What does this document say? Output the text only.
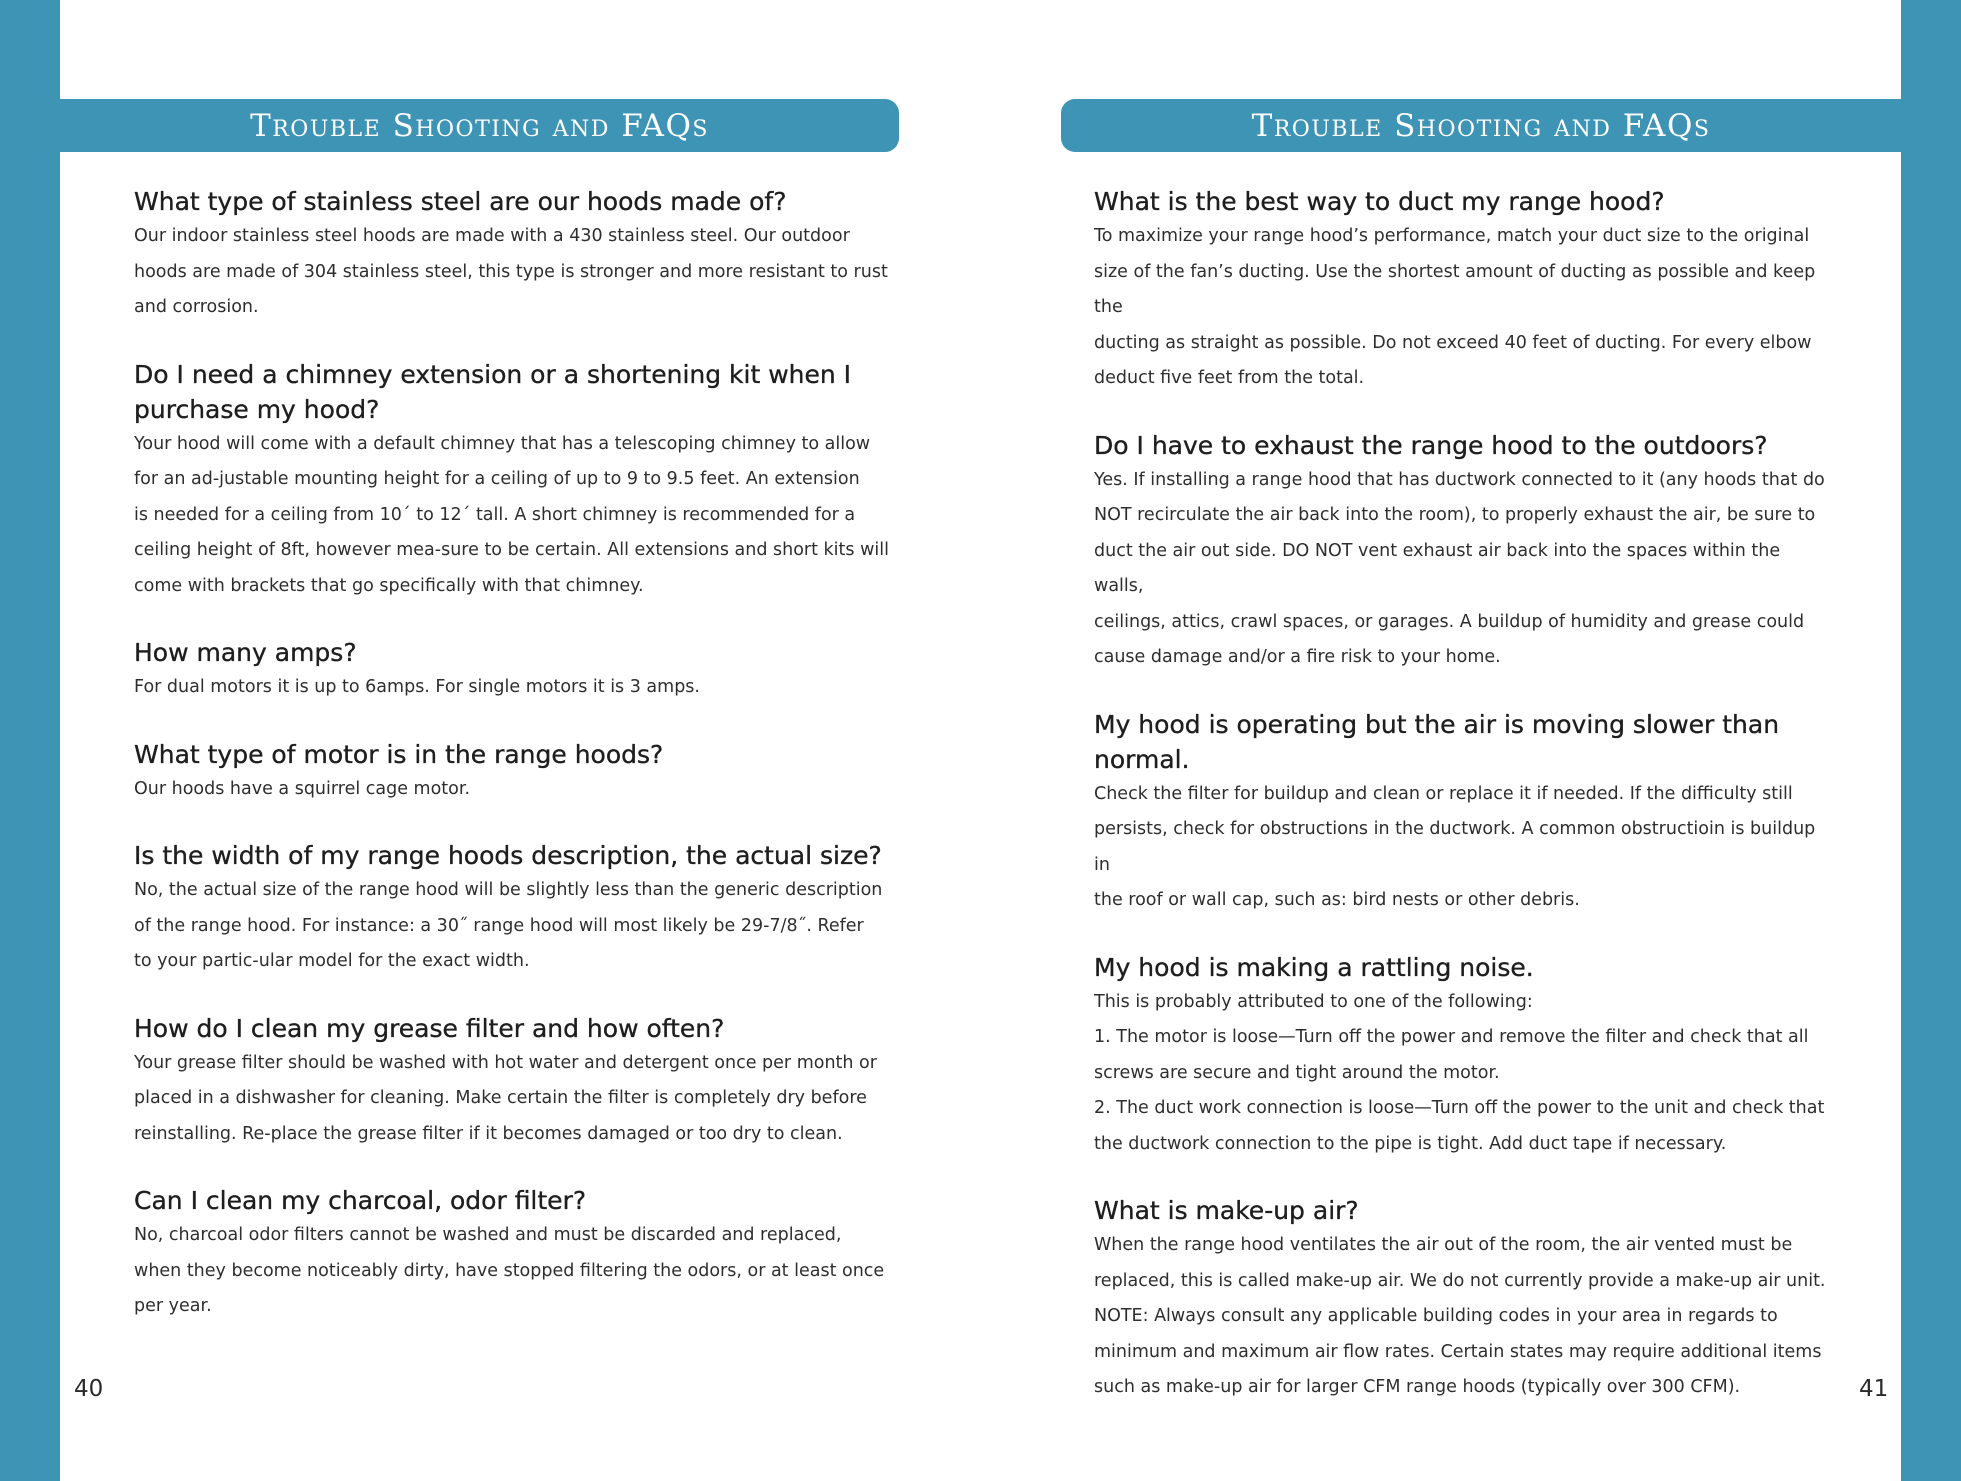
Trouble Shooting and FAQs

What type of stainless steel are our hoods made of?

Our indoor stainless steel hoods are made with a 430 stainless steel. Our outdoor
hoods are made of 304 stainless steel, this type is stronger and more resistant to rust
and corrosion.

Do I need a chimney extension or a shortening kit when I
purchase my hood?

Your hood will come with a default chimney that has a telescoping chimney to allow
for an ad-justable mounting height for a ceiling of up to 9 to 9.5 feet. An extension
is needed for a ceiling from 10´ to 12´ tall. A short chimney is recommended for a
ceiling height of 8ft, however mea-sure to be certain. All extensions and short kits will
come with brackets that go specifically with that chimney.

How many amps?

For dual motors it is up to 6amps. For single motors it is 3 amps.

What type of motor is in the range hoods?

Our hoods have a squirrel cage motor.

Is the width of my range hoods description, the actual size?

No, the actual size of the range hood will be slightly less than the generic description
of the range hood. For instance: a 30˝ range hood will most likely be 29-7/8˝. Refer
to your partic-ular model for the exact width.

How do I clean my grease filter and how often?

Your grease filter should be washed with hot water and detergent once per month or
placed in a dishwasher for cleaning. Make certain the filter is completely dry before
reinstalling. Re-place the grease filter if it becomes damaged or too dry to clean.

Can I clean my charcoal, odor filter?

No, charcoal odor filters cannot be washed and must be discarded and replaced,
when they become noticeably dirty, have stopped filtering the odors, or at least once
per year.

40
Trouble Shooting and FAQs

What is the best way to duct my range hood?

To maximize your range hood’s performance, match your duct size to the original
size of the fan’s ducting. Use the shortest amount of ducting as possible and keep the
ducting as straight as possible. Do not exceed 40 feet of ducting. For every elbow
deduct five feet from the total.

Do I have to exhaust the range hood to the outdoors?

Yes. If installing a range hood that has ductwork connected to it (any hoods that do
NOT recirculate the air back into the room), to properly exhaust the air, be sure to
duct the air out side. DO NOT vent exhaust air back into the spaces within the walls,
ceilings, attics, crawl spaces, or garages. A buildup of humidity and grease could
cause damage and/or a fire risk to your home.

My hood is operating but the air is moving slower than normal.

Check the filter for buildup and clean or replace it if needed. If the difficulty still
persists, check for obstructions in the ductwork. A common obstructioin is buildup in
the roof or wall cap, such as: bird nests or other debris.

My hood is making a rattling noise.

This is probably attributed to one of the following:
1. The motor is loose—Turn off the power and remove the filter and check that all
screws are secure and tight around the motor.
2. The duct work connection is loose—Turn off the power to the unit and check that
the ductwork connection to the pipe is tight. Add duct tape if necessary.

What is make-up air?

When the range hood ventilates the air out of the room, the air vented must be
replaced, this is called make-up air. We do not currently provide a make-up air unit.
NOTE: Always consult any applicable building codes in your area in regards to
minimum and maximum air flow rates. Certain states may require additional items
such as make-up air for larger CFM range hoods (typically over 300 CFM).	41
